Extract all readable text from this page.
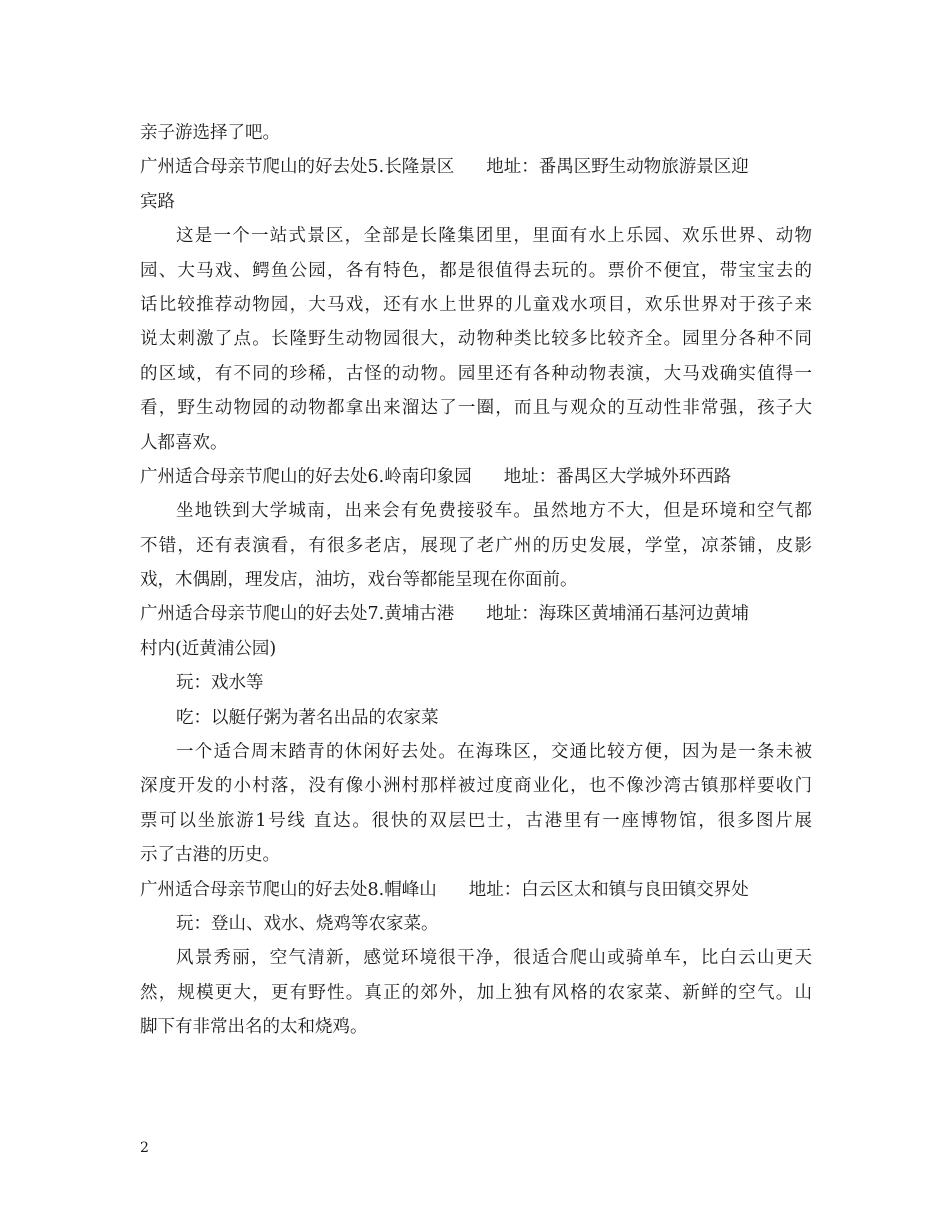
亲子游选择了吧。
广州适合母亲节爬山的好去处5.长隆景区 地址：番禺区野生动物旅游景区迎
宾路
这是一个一站式景区，全部是长隆集团里，里面有水上乐园、欢乐世界、动物
园、大马戏、鳄鱼公园，各有特色，都是很值得去玩的。票价不便宜，带宝宝去的
话比较推荐动物园，大马戏，还有水上世界的儿童戏水项目，欢乐世界对于孩子来
说太刺激了点。长隆野生动物园很大，动物种类比较多比较齐全。园里分各种不同
的区域，有不同的珍稀，古怪的动物。园里还有各种动物表演，大马戏确实值得一
看，野生动物园的动物都拿出来溜达了一圈，而且与观众的互动性非常强，孩子大
人都喜欢。
广州适合母亲节爬山的好去处6.岭南印象园 地址：番禺区大学城外环西路
坐地铁到大学城南，出来会有免费接驳车。虽然地方不大，但是环境和空气都
不错，还有表演看，有很多老店，展现了老广州的历史发展，学堂，凉茶铺，皮影
戏，木偶剧，理发店，油坊，戏台等都能呈现在你面前。
广州适合母亲节爬山的好去处7.黄埔古港 地址：海珠区黄埔涌石基河边黄埔
村内(近黄浦公园)
玩：戏水等
吃：以艇仔粥为著名出品的农家菜
一个适合周末踏青的休闲好去处。在海珠区，交通比较方便，因为是一条未被
深度开发的小村落，没有像小洲村那样被过度商业化，也不像沙湾古镇那样要收门
票可以坐旅游1号线 直达。很快的双层巴士，古港里有一座博物馆，很多图片展
示了古港的历史。
广州适合母亲节爬山的好去处8.帽峰山 地址：白云区太和镇与良田镇交界处
玩：登山、戏水、烧鸡等农家菜。
风景秀丽，空气清新，感觉环境很干净，很适合爬山或骑单车，比白云山更天
然，规模更大，更有野性。真正的郊外，加上独有风格的农家菜、新鲜的空气。山
脚下有非常出名的太和烧鸡。
2
